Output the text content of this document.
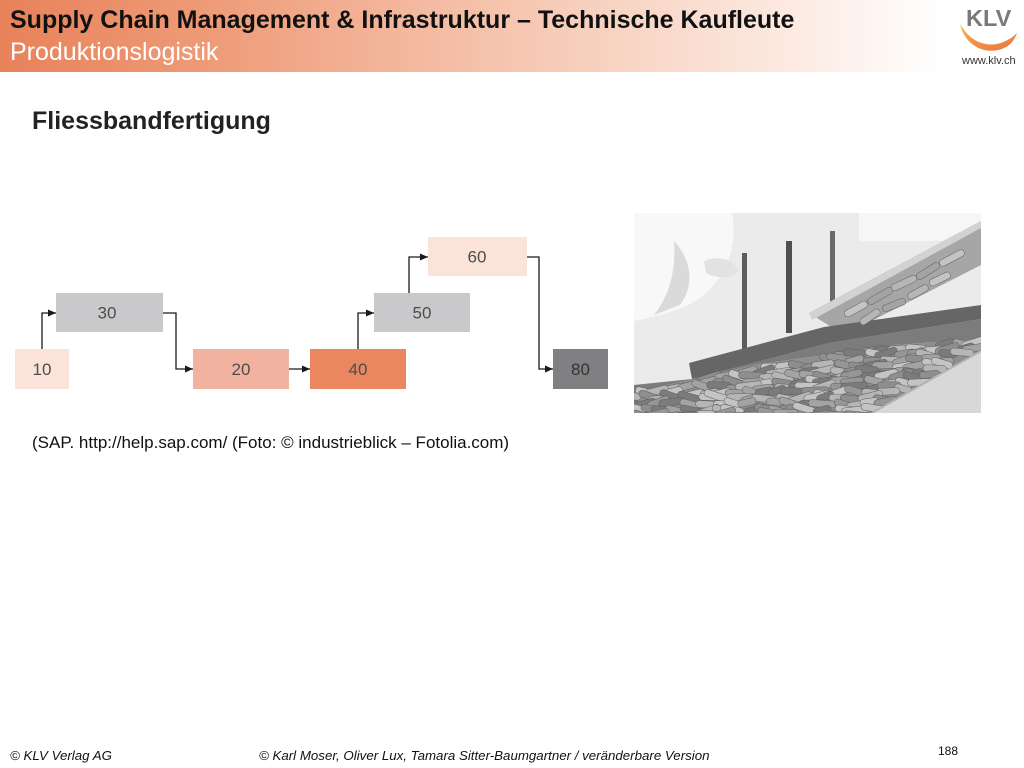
Supply Chain Management & Infrastruktur – Technische Kaufleute
Produktionslogistik
KLV
www.klv.ch
Fliessbandfertigung
10	20
30
40
50
60
80
(SAP. http://help.sap.com/ (Foto: © industrieblick – Fotolia.com)
© KLV Verlag AG	© Karl Moser, Oliver Lux, Tamara Sitter-Baumgartner / veränderbare Version	188
